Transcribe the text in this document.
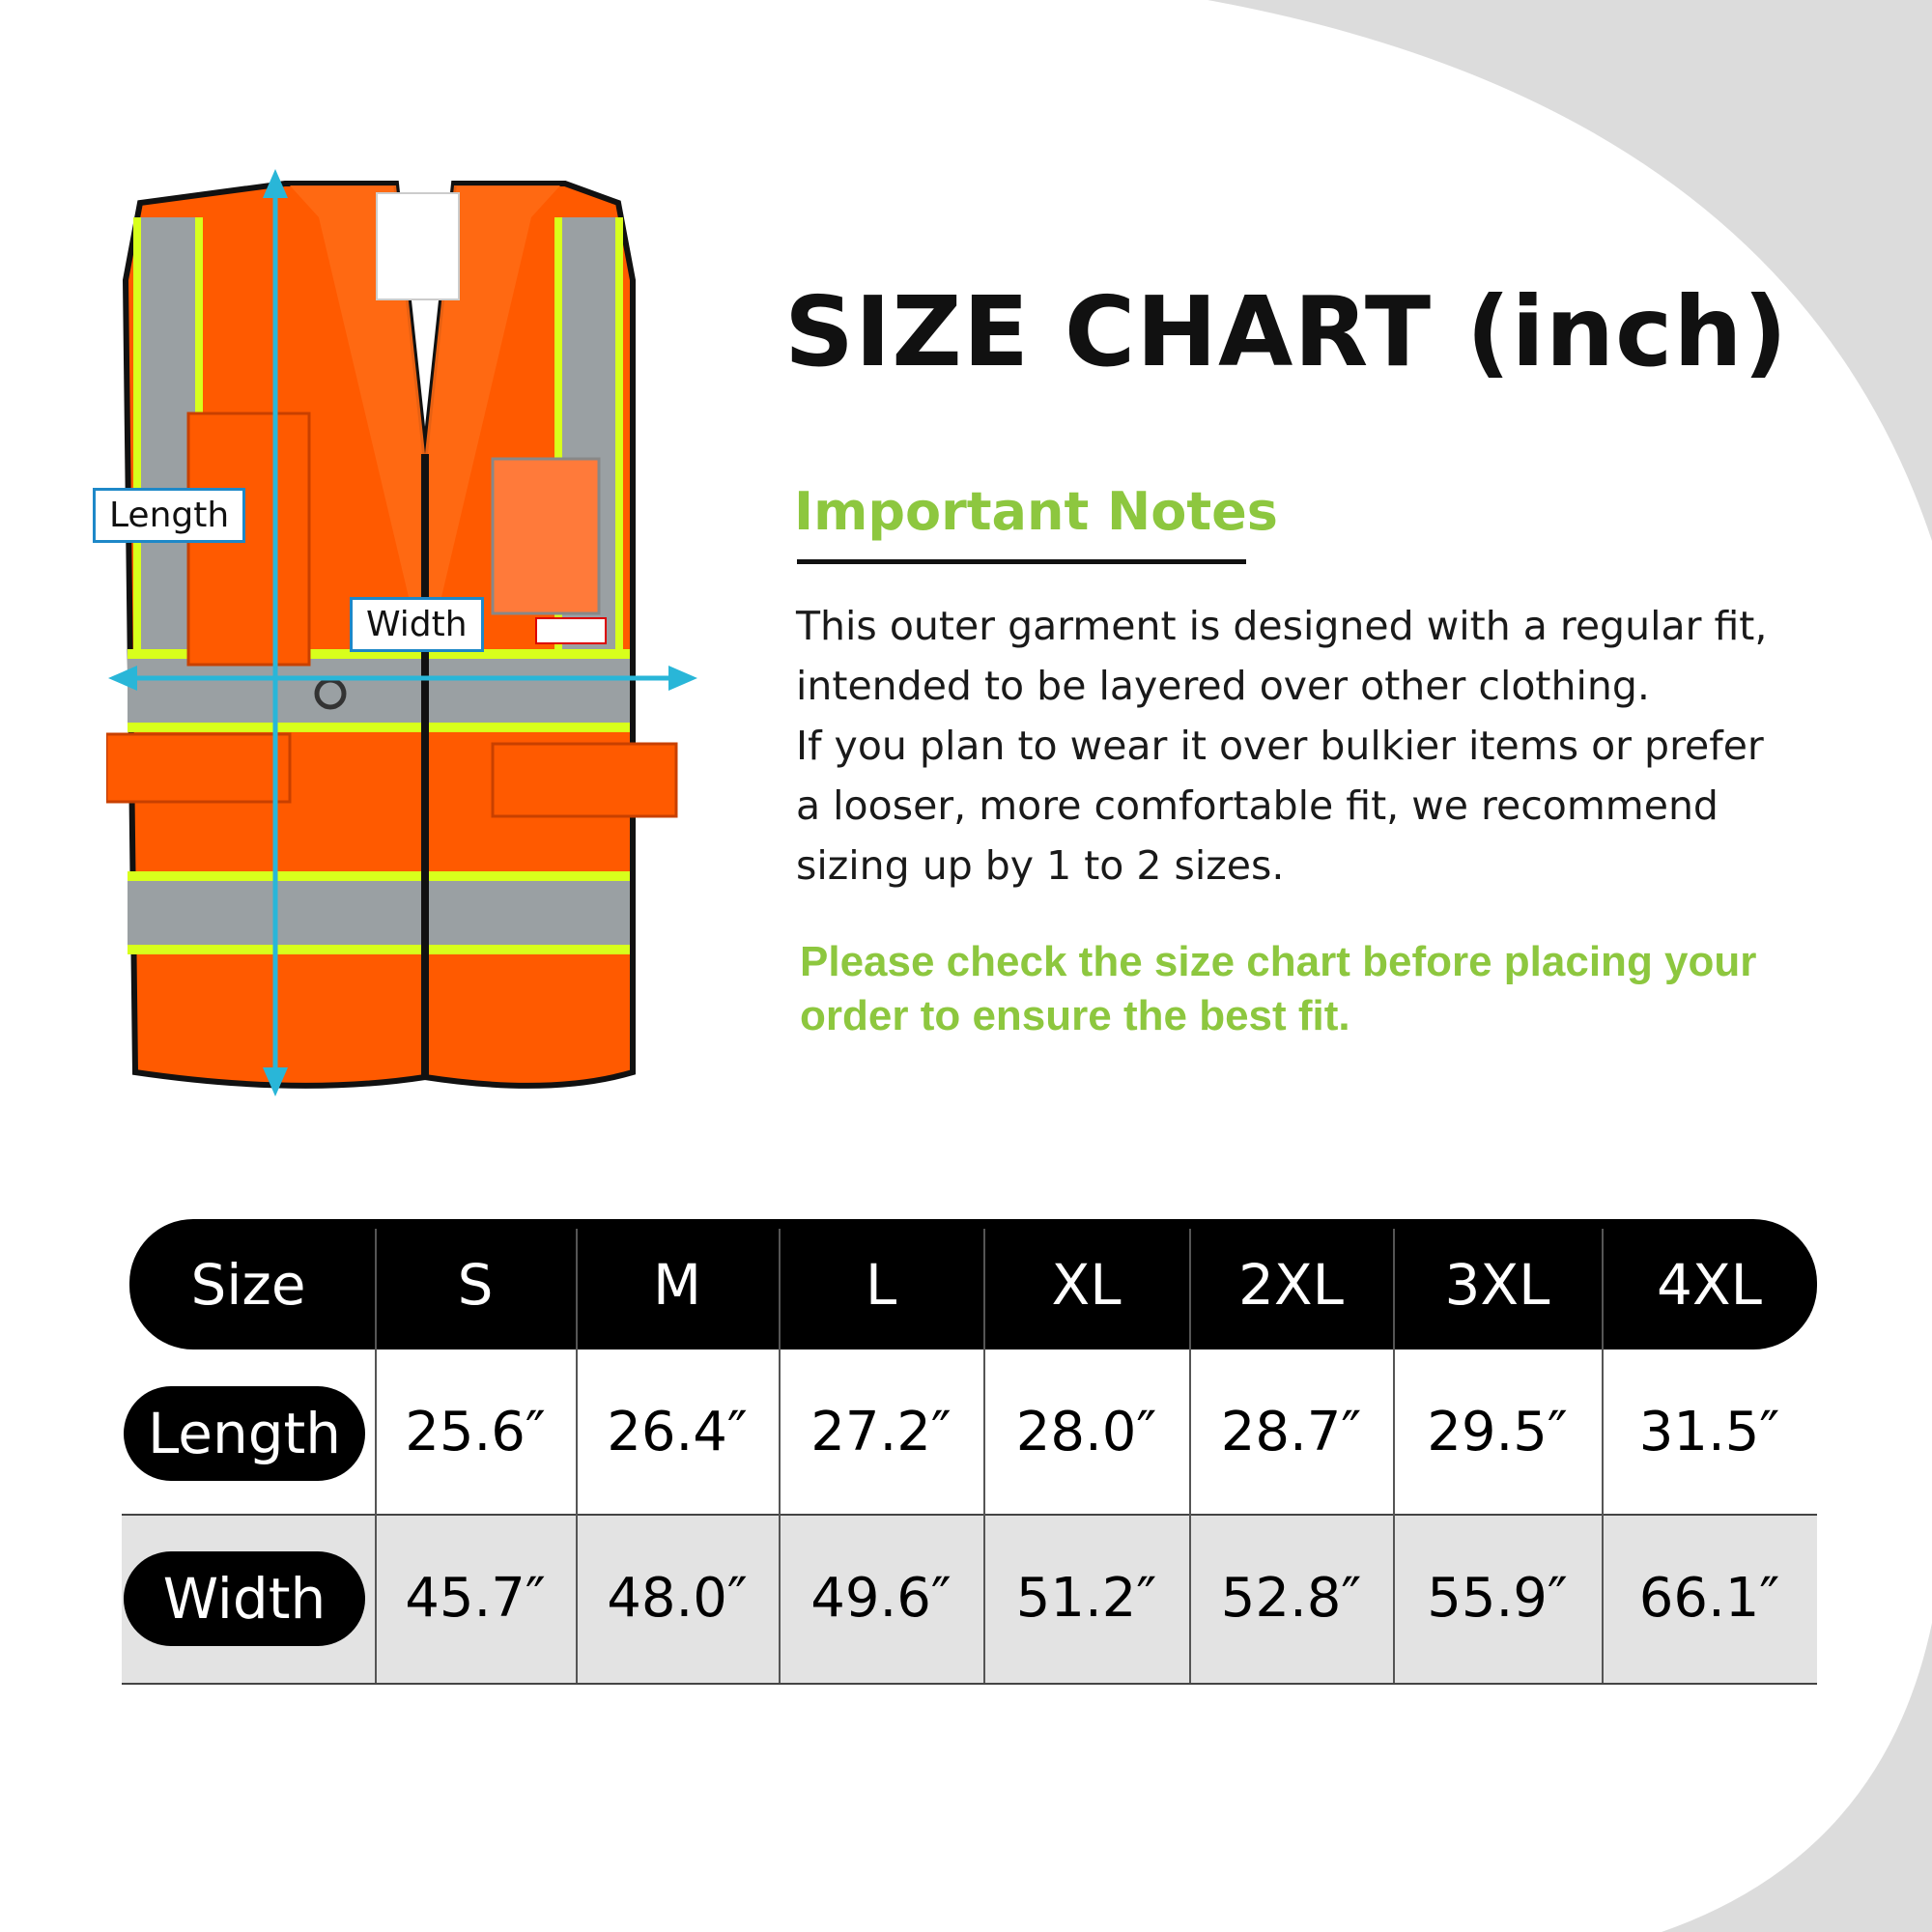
Length
Width
SIZE CHART (inch)
Important Notes
This outer garment is designed with a regular fit,
intended to be layered over other clothing.
If you plan to wear it over bulkier items or prefer
a looser, more comfortable fit, we recommend
sizing up by 1 to 2 sizes.
Please check the size chart before placing your
order to ensure the best fit.
Size	S	M	L	XL	2XL	3XL	4XL
Length	25.6″	26.4″	27.2″	28.0″	28.7″	29.5″	31.5″
Width	45.7″	48.0″	49.6″	51.2″	52.8″	55.9″	66.1″
